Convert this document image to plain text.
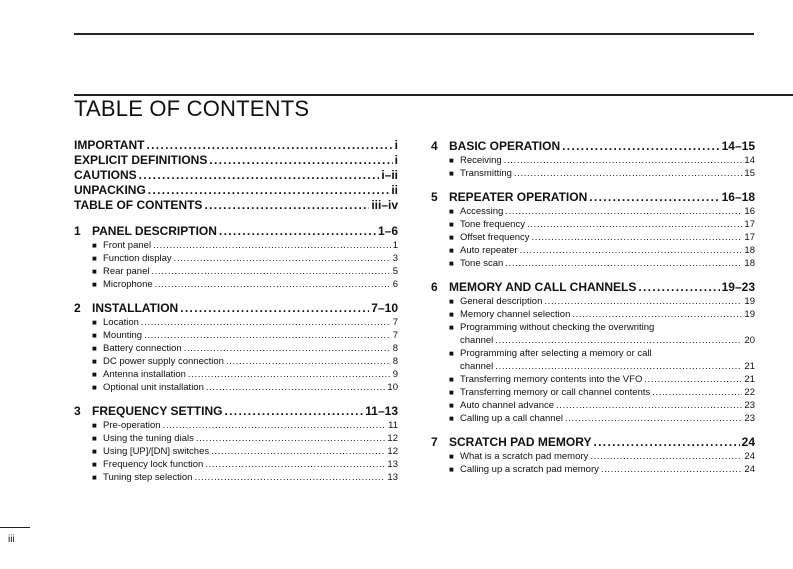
TABLE OF CONTENTS
IMPORTANT . . .	i
EXPLICIT DEFINITIONS . . .	i
CAUTIONS . . .	i–ii
UNPACKING . . .	ii
TABLE OF CONTENTS . . .	iii–iv
1 PANEL DESCRIPTION . . .	1–6
■ Front panel . . .	1
■ Function display . . .	3
■ Rear panel . . .	5
■ Microphone . . .	6
2 INSTALLATION . . .	7–10
■ Location . . .	7
■ Mounting . . .	7
■ Battery connection . . .	8
■ DC power supply connection . . .	8
■ Antenna installation . . .	9
■ Optional unit installation . . .	10
3 FREQUENCY SETTING . . .	11–13
■ Pre-operation . . .	11
■ Using the tuning dials . . .	12
■ Using [UP]/[DN] switches . . .	12
■ Frequency lock function . . .	13
■ Tuning step selection . . .	13
4 BASIC OPERATION . . .	14–15
■ Receiving . . .	14
■ Transmitting . . .	15
5 REPEATER OPERATION . . .	16–18
■ Accessing . . .	16
■ Tone frequency . . .	17
■ Offset frequency . . .	17
■ Auto repeater . . .	18
■ Tone scan . . .	18
6 MEMORY AND CALL CHANNELS . . .	19–23
■ General description . . .	19
■ Memory channel selection . . .	19
■ Programming without checking the overwriting
channel . . .	20
■ Programming after selecting a memory or call
channel . . .	21
■ Transferring memory contents into the VFO . . .	21
■ Transferring memory or call channel contents . . .	22
■ Auto channel advance . . .	23
■ Calling up a call channel . . .	23
7 SCRATCH PAD MEMORY . . .	24
■ What is a scratch pad memory . . .	24
■ Calling up a scratch pad memory . . .	24
iii
